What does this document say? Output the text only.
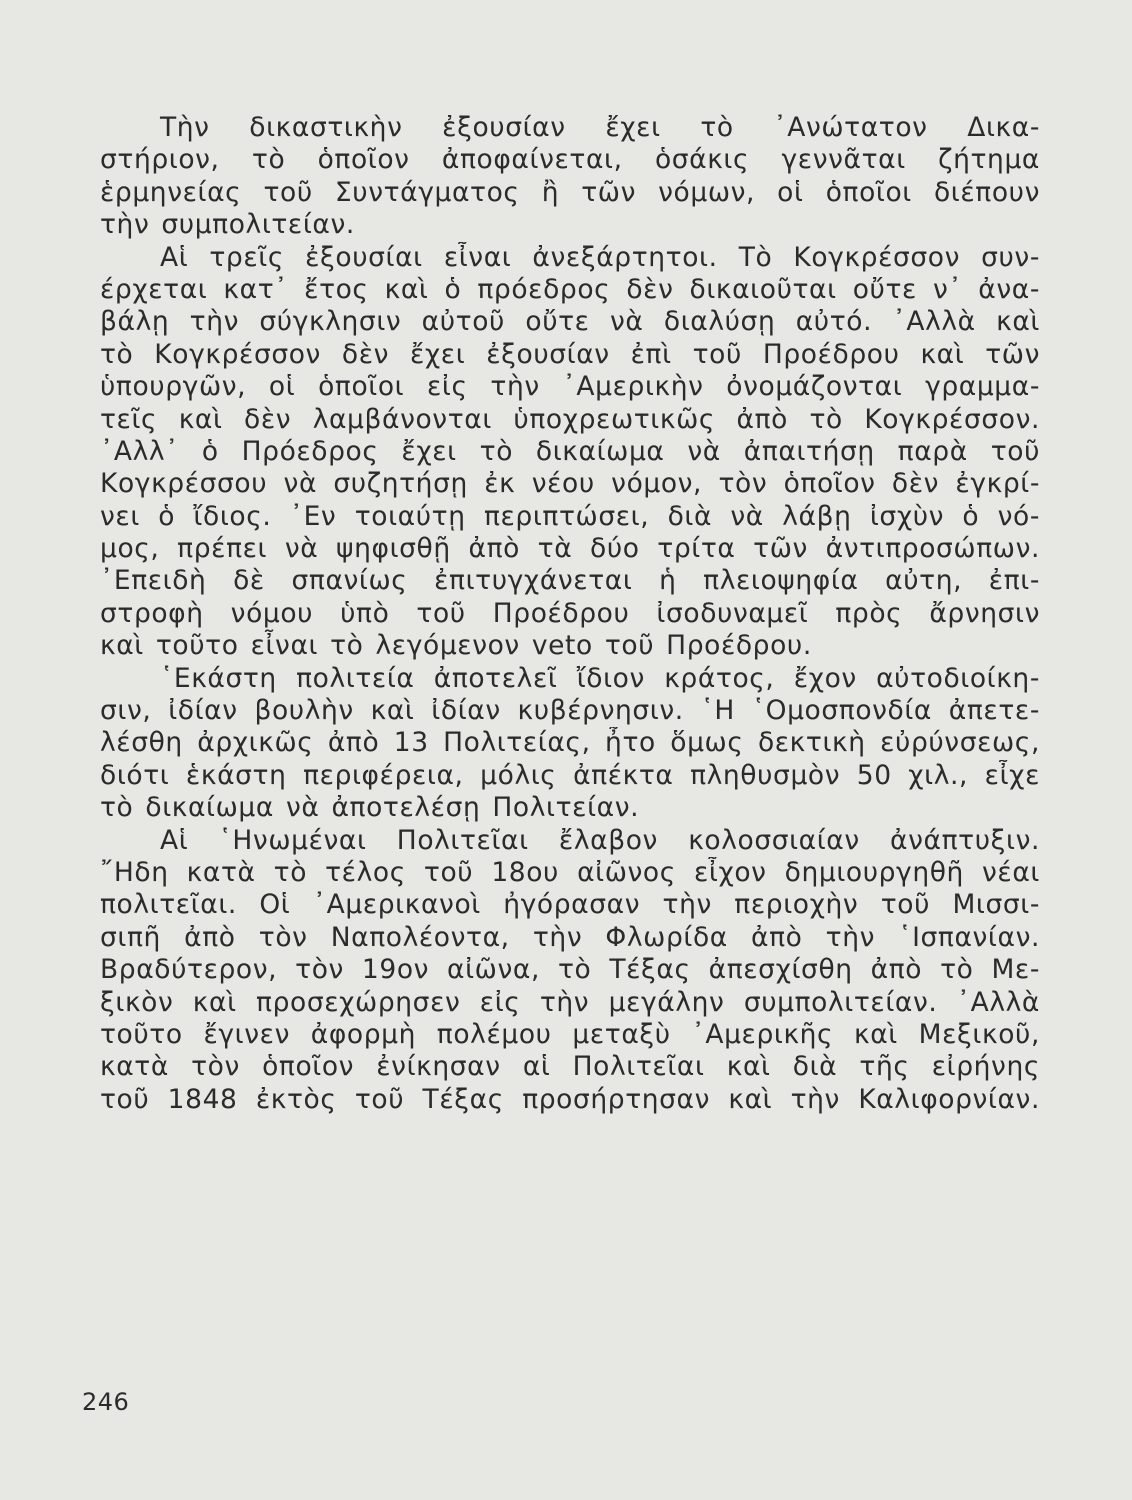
Τὴν δικαστικὴν ἐξουσίαν ἔχει τὸ ᾽Ανώτατον Δικα-
στήριον, τὸ ὁποῖον ἀποφαίνεται, ὁσάκις γεννᾶται ζήτημα
ἑρμηνείας τοῦ Συντάγματος ἢ τῶν νόμων, οἱ ὁποῖοι διέπουν
τὴν συμπολιτείαν.
Αἱ τρεῖς ἐξουσίαι εἶναι ἀνεξάρτητοι. Τὸ Κογκρέσσον συν-
έρχεται κατ᾽ ἔτος καὶ ὁ πρόεδρος δὲν δικαιοῦται οὔτε ν᾽ ἀνα-
βάλῃ τὴν σύγκλησιν αὐτοῦ οὔτε νὰ διαλύσῃ αὐτό. ᾽Αλλὰ καὶ
τὸ Κογκρέσσον δὲν ἔχει ἐξουσίαν ἐπὶ τοῦ Προέδρου καὶ τῶν
ὑπουργῶν, οἱ ὁποῖοι εἰς τὴν ᾽Αμερικὴν ὀνομάζονται γραμμα-
τεῖς καὶ δὲν λαμβάνονται ὑποχρεωτικῶς ἀπὸ τὸ Κογκρέσσον.
᾽Αλλ᾽ ὁ Πρόεδρος ἔχει τὸ δικαίωμα νὰ ἀπαιτήσῃ παρὰ τοῦ
Κογκρέσσου νὰ συζητήσῃ ἐκ νέου νόμον, τὸν ὁποῖον δὲν ἐγκρί-
νει ὁ ἴδιος. ᾽Εν τοιαύτῃ περιπτώσει, διὰ νὰ λάβῃ ἰσχὺν ὁ νό-
μος, πρέπει νὰ ψηφισθῇ ἀπὸ τὰ δύο τρίτα τῶν ἀντιπροσώπων.
᾽Επειδὴ δὲ σπανίως ἐπιτυγχάνεται ἡ πλειοψηφία αὐτη, ἐπι-
στροφὴ νόμου ὑπὸ τοῦ Προέδρου ἰσοδυναμεῖ πρὸς ἄρνησιν
καὶ τοῦτο εἶναι τὸ λεγόμενον veto τοῦ Προέδρου.
῾Εκάστη πολιτεία ἀποτελεῖ ἴδιον κράτος, ἔχον αὐτοδιοίκη-
σιν, ἰδίαν βουλὴν καὶ ἰδίαν κυβέρνησιν. ῾Η ῾Ομοσπονδία ἀπετε-
λέσθη ἀρχικῶς ἀπὸ 13 Πολιτείας, ἦτο ὅμως δεκτικὴ εὐρύνσεως,
διότι ἑκάστη περιφέρεια, μόλις ἀπέκτα πληθυσμὸν 50 χιλ., εἶχε
τὸ δικαίωμα νὰ ἀποτελέσῃ Πολιτείαν.
Αἱ ῾Ηνωμέναι Πολιτεῖαι ἔλαβον κολοσσιαίαν ἀνάπτυξιν.
῎Ηδη κατὰ τὸ τέλος τοῦ 18ου αἰῶνος εἶχον δημιουργηθῆ νέαι
πολιτεῖαι. Οἱ ᾽Αμερικανοὶ ἠγόρασαν τὴν περιοχὴν τοῦ Μισσι-
σιπῆ ἀπὸ τὸν Ναπολέοντα, τὴν Φλωρίδα ἀπὸ τὴν ῾Ισπανίαν.
Βραδύτερον, τὸν 19ον αἰῶνα, τὸ Τέξας ἀπεσχίσθη ἀπὸ τὸ Με-
ξικὸν καὶ προσεχώρησεν εἰς τὴν μεγάλην συμπολιτείαν. ᾽Αλλὰ
τοῦτο ἔγινεν ἀφορμὴ πολέμου μεταξὺ ᾽Αμερικῆς καὶ Μεξικοῦ,
κατὰ τὸν ὁποῖον ἐνίκησαν αἱ Πολιτεῖαι καὶ διὰ τῆς εἰρήνης
τοῦ 1848 ἐκτὸς τοῦ Τέξας προσήρτησαν καὶ τὴν Καλιφορνίαν.
246
